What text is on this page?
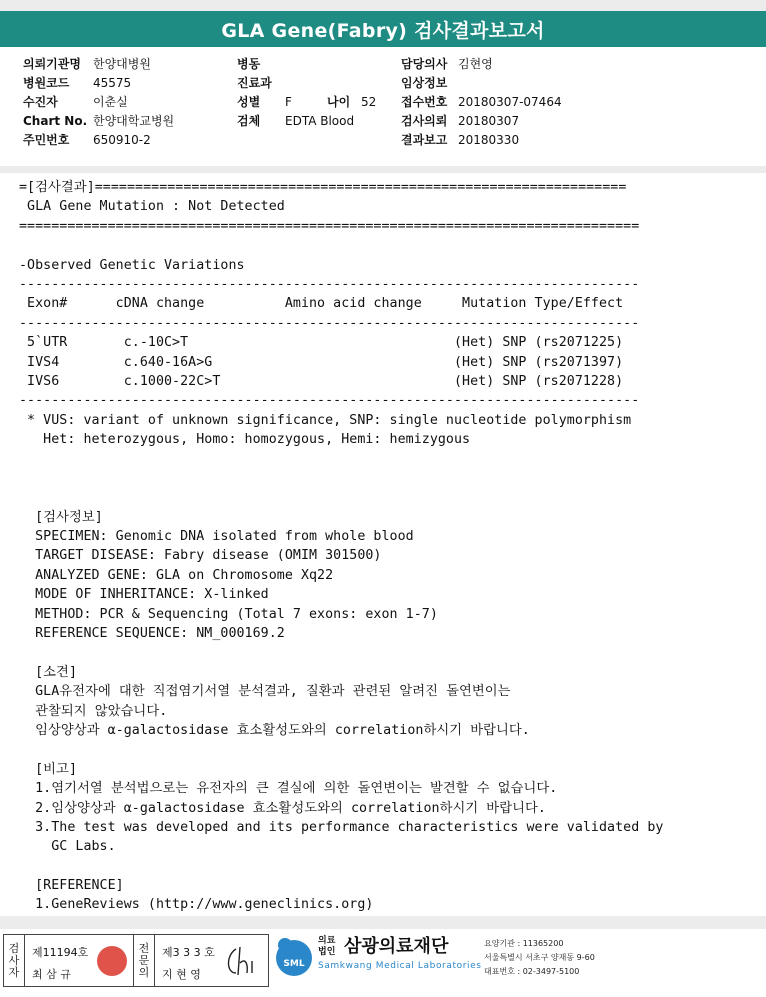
GLA Gene(Fabry) 검사결과보고서
의뢰기관명 한양대병원
병원코드 45575
수진자	이춘실
Chart No. 한양대학교병원
주민번호 650910-2
병동
진료과
성별 F	나이 52
검체 EDTA Blood
담당의사 김현영
임상정보
접수번호 20180307-07464
검사의뢰 20180307
결과보고 20180330
=[검사결과]==================================================================
GLA Gene Mutation : Not Detected
=============================================================================
-Observed Genetic Variations
-----------------------------------------------------------------------------
Exon#      cDNA change          Amino acid change     Mutation Type/Effect
-----------------------------------------------------------------------------
5`UTR       c.-10C>T                                 (Het) SNP (rs2071225)
IVS4        c.640-16A>G                              (Het) SNP (rs2071397)
IVS6        c.1000-22C>T                             (Het) SNP (rs2071228)
-----------------------------------------------------------------------------
* VUS: variant of unknown significance, SNP: single nucleotide polymorphism
Het: heterozygous, Homo: homozygous, Hemi: hemizygous
[검사정보]
SPECIMEN: Genomic DNA isolated from whole blood
TARGET DISEASE: Fabry disease (OMIM 301500)
ANALYZED GENE: GLA on Chromosome Xq22
MODE OF INHERITANCE: X-linked
METHOD: PCR & Sequencing (Total 7 exons: exon 1-7)
REFERENCE SEQUENCE: NM_000169.2
[소견]
GLA유전자에 대한 직접염기서열 분석결과, 질환과 관련된 알려진 돌연변이는
관찰되지 않았습니다.
임상양상과 α-galactosidase 효소활성도와의 correlation하시기 바랍니다.
[비고]
1.염기서열 분석법으로는 유전자의 큰 결실에 의한 돌연변이는 발견할 수 없습니다.
2.임상양상과 α-galactosidase 효소활성도와의 correlation하시기 바랍니다.
3.The test was developed and its performance characteristics were validated by
GC Labs.
[REFERENCE]
1.GeneReviews (http://www.geneclinics.org)
검
사
자
제11194호
최 삼 규
전
문
의
제3 3 3 호
지 현 영
SML
의료
법인 삼광의료재단
Samkwang Medical Laboratories
요양기관 : 11365200
서울특별시 서초구 양재동 9-60
대표번호 : 02-3497-5100
